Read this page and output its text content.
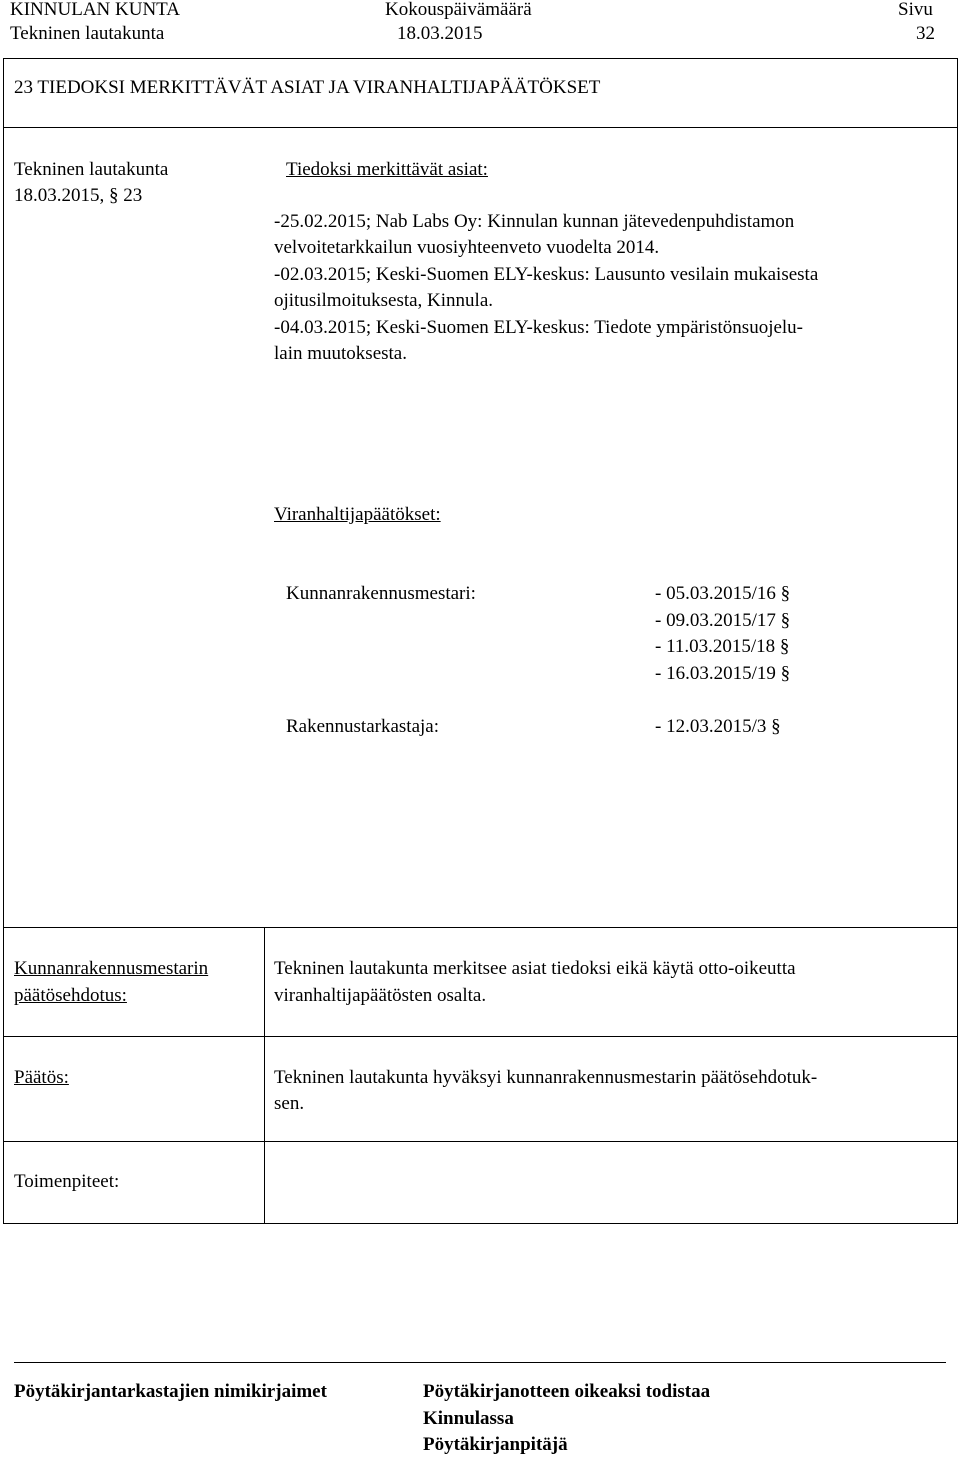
KINNULAN KUNTA	Kokouspäivämäärä	Sivu
Tekninen lautakunta	18.03.2015	32
23 TIEDOKSI MERKITTÄVÄT ASIAT JA VIRANHALTIJAPÄÄTÖKSET
Tekninen lautakunta
18.03.2015, § 23
Tiedoksi merkittävät asiat:
-25.02.2015; Nab Labs Oy: Kinnulan kunnan jätevedenpuhdistamon
velvoitetarkkailun vuosiyhteenveto vuodelta 2014.
-02.03.2015; Keski-Suomen ELY-keskus: Lausunto vesilain mukaisesta
ojitusilmoituksesta, Kinnula.
-04.03.2015; Keski-Suomen ELY-keskus: Tiedote ympäristönsuojelu-
lain muutoksesta.
Viranhaltijapäätökset:
Kunnanrakennusmestari:	- 05.03.2015/16 §
- 09.03.2015/17 §
- 11.03.2015/18 §
- 16.03.2015/19 §
Rakennustarkastaja:	- 12.03.2015/3 §
Kunnanrakennusmestarin
päätösehdotus:
Tekninen lautakunta merkitsee asiat tiedoksi eikä käytä otto-oikeutta
viranhaltijapäätösten osalta.
Päätös:	Tekninen lautakunta hyväksyi kunnanrakennusmestarin päätösehdotuk-
sen.
Toimenpiteet:
Pöytäkirjantarkastajien nimikirjaimet	Pöytäkirjanotteen oikeaksi todistaa
Kinnulassa
Pöytäkirjanpitäjä
